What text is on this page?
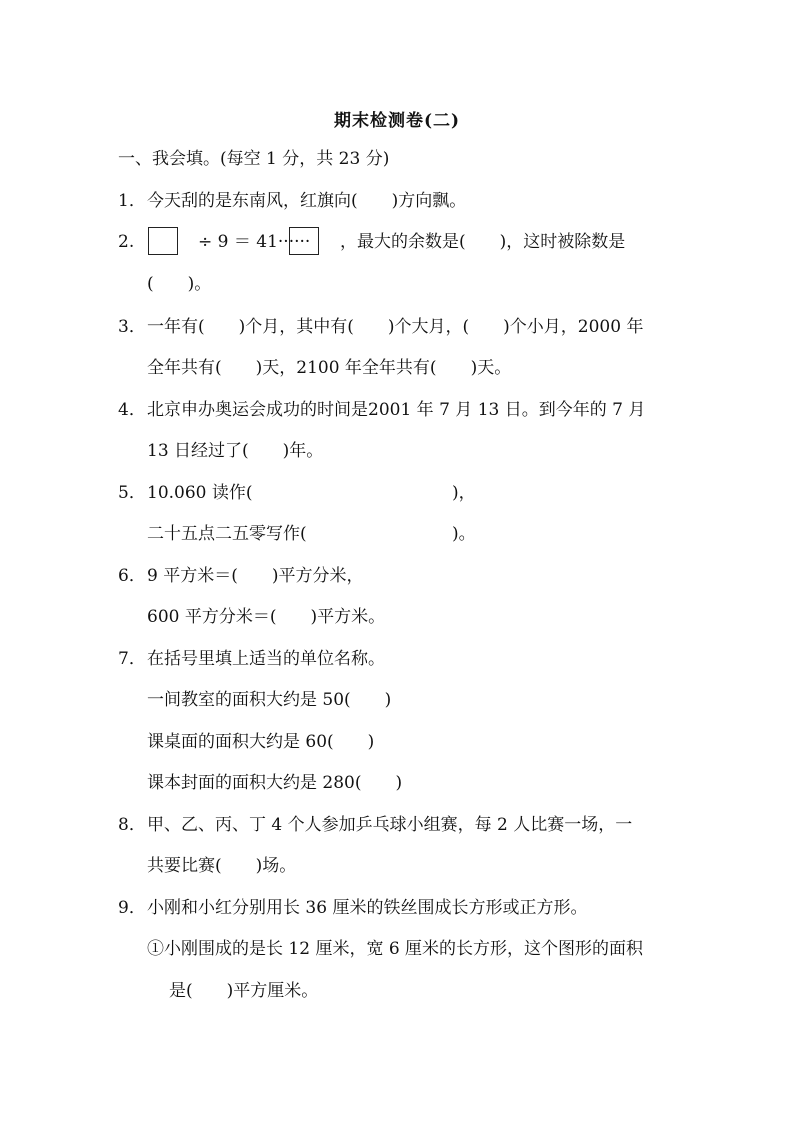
期末检测卷(二)
一、我会填。(每空 1 分，共 23 分)
1． 今天刮的是东南风，红旗向(　　)方向飘。
2.	÷ 9 ＝ 41······ ，最大的余数是(　　)，这时被除数是
(　　)。
3． 一年有(　　)个月，其中有(　　)个大月，(　　)个小月，2000 年
全年共有(　　)天，2100 年全年共有(　　)天。
4． 北京申办奥运会成功的时间是2001 年 7 月 13 日。到今年的 7 月
13 日经过了(　　)年。
5． 10.060 读作(	)，
二十五点二五零写作(	)。
6． 9 平方米＝(　　)平方分米，
600 平方分米＝(　　)平方米。
7． 在括号里填上适当的单位名称。
一间教室的面积大约是 50(　　)
课桌面的面积大约是 60(　　)
课本封面的面积大约是 280(　　)
8． 甲、乙、丙、丁 4 个人参加乒乓球小组赛，每 2 人比赛一场，一
共要比赛(　　)场。
9． 小刚和小红分别用长 36 厘米的铁丝围成长方形或正方形。
①小刚围成的是长 12 厘米，宽 6 厘米的长方形，这个图形的面积
是(　　)平方厘米。
